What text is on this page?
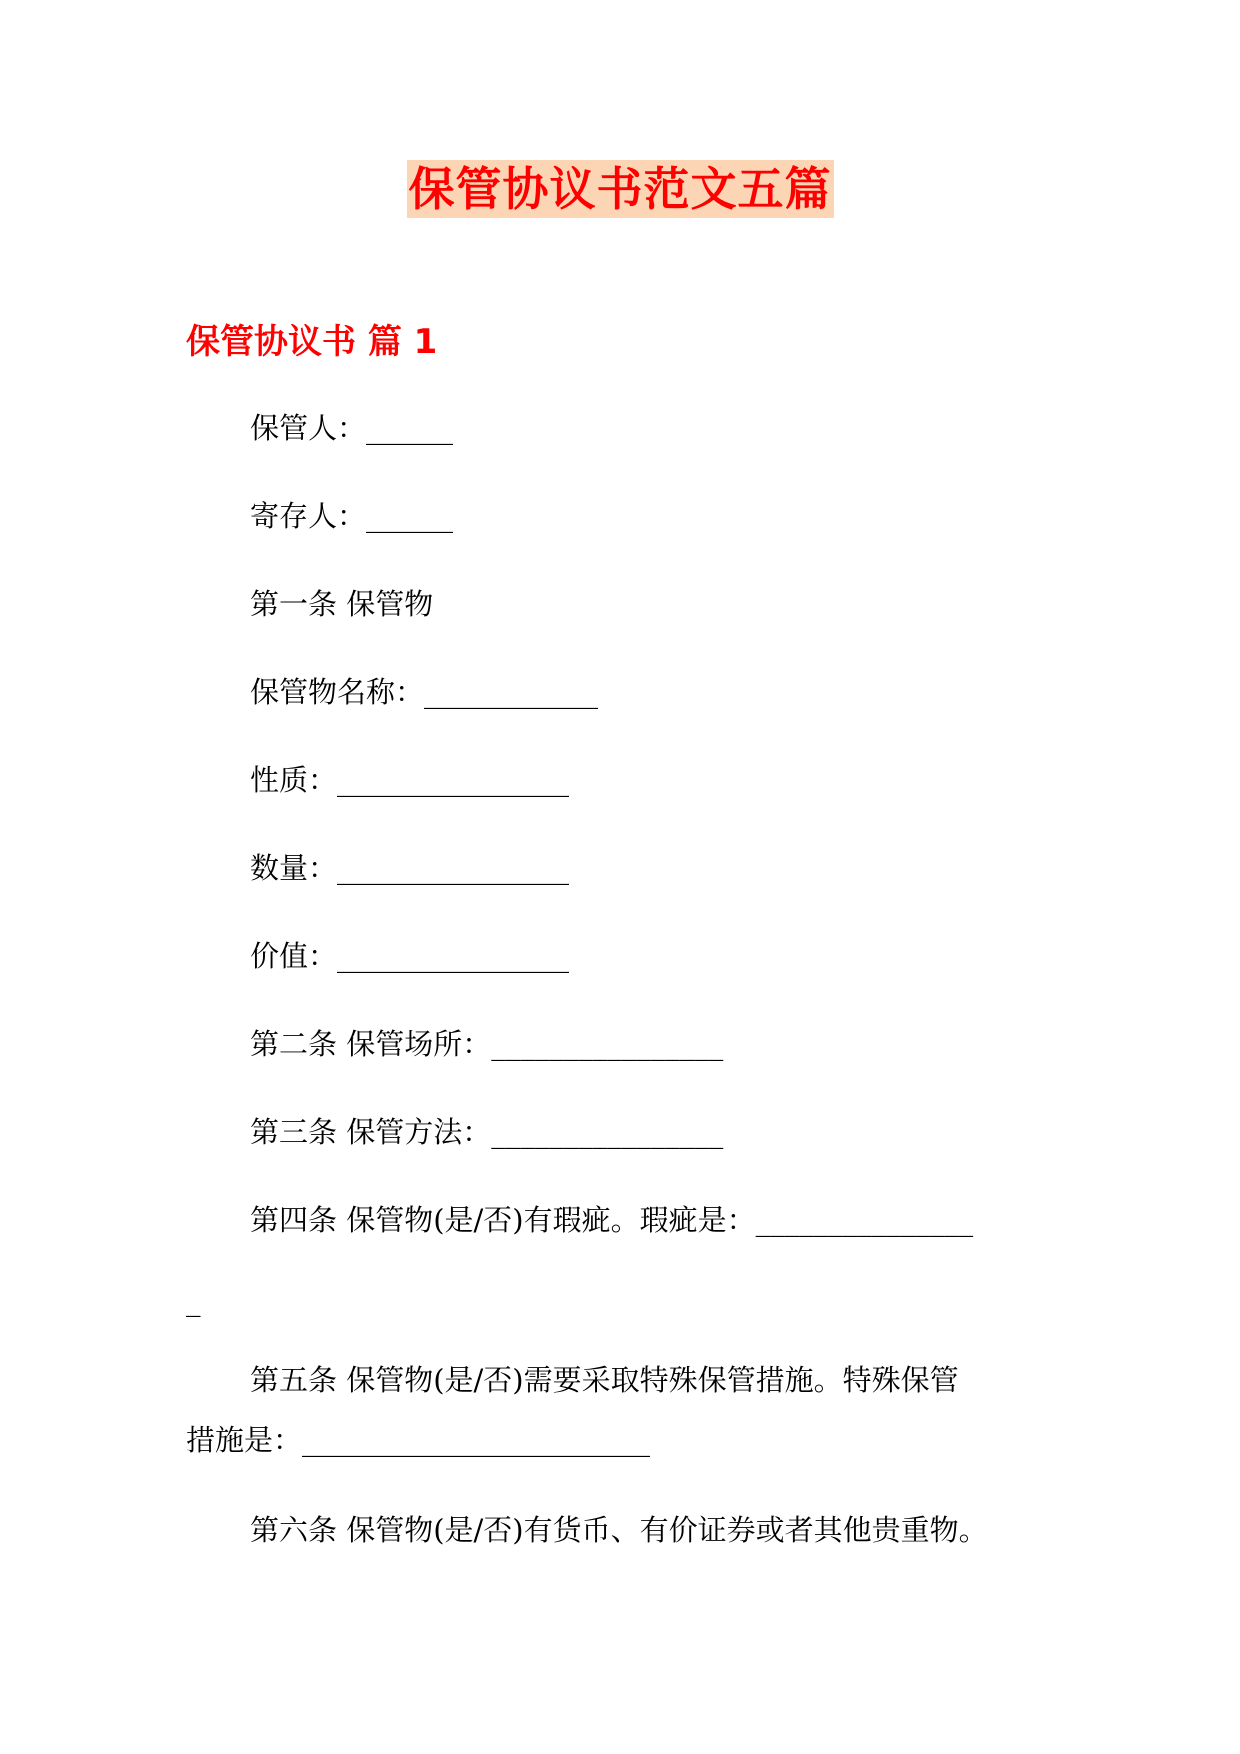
保管协议书范文五篇
保管协议书 篇 1
保管人：______
寄存人：______
第一条 保管物
保管物名称：____________
性质：________________
数量：________________
价值：________________
第二条 保管场所：________________
第三条 保管方法：________________
第四条 保管物(是/否)有瑕疵。瑕疵是：_______________
_
第五条 保管物(是/否)需要采取特殊保管措施。特殊保管
措施是：________________________
第六条 保管物(是/否)有货币、有价证券或者其他贵重物。
